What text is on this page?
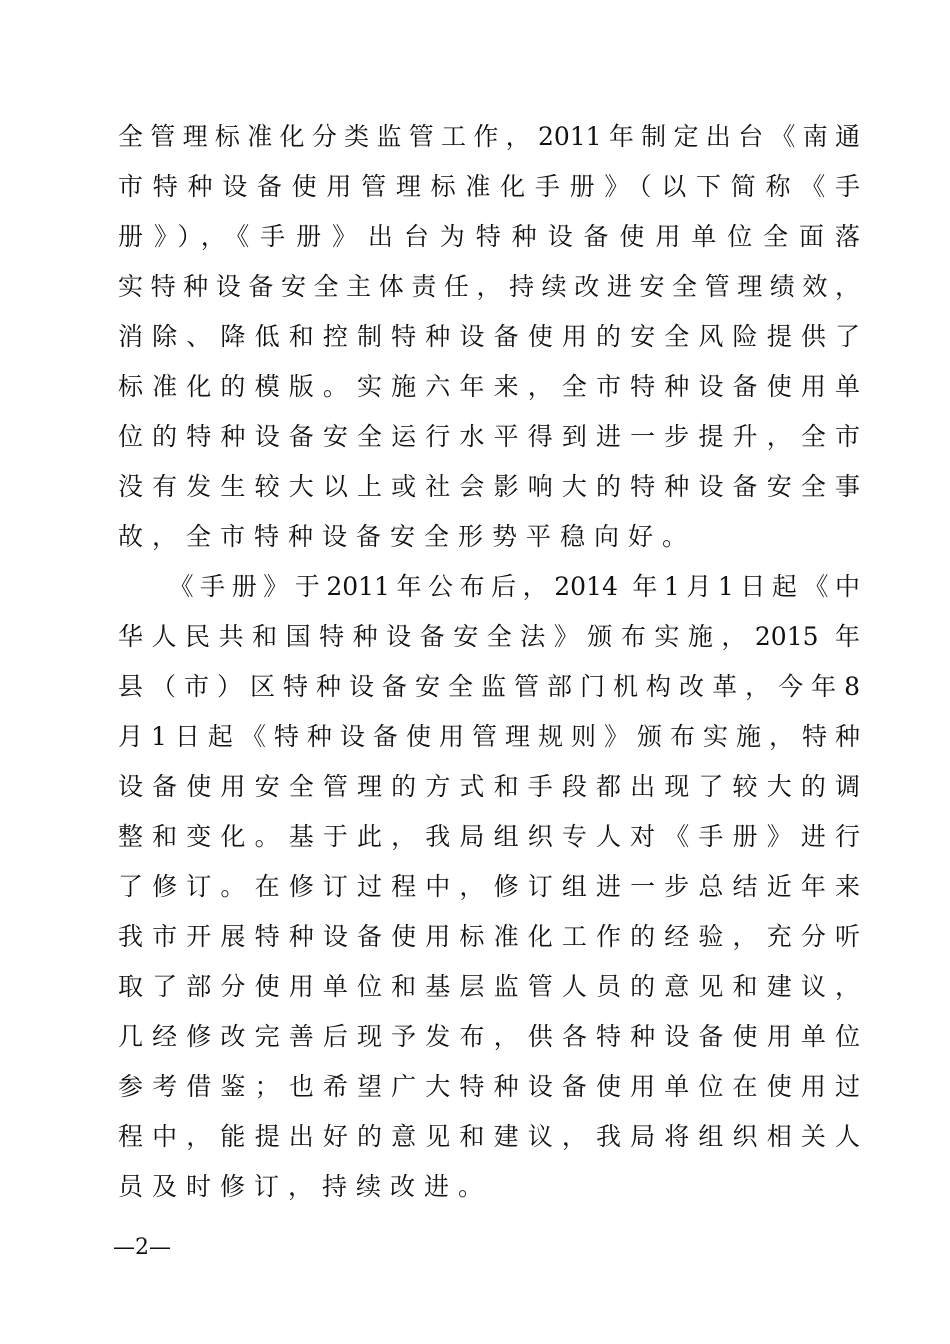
全管理标准化分类监管工作，2011年制定出台《南通
市特种设备使用管理标准化手册》（以下简称《手
册》），《手册》出台为特种设备使用单位全面落
实特种设备安全主体责任，持续改进安全管理绩效，
消除、降低和控制特种设备使用的安全风险提供了
标准化的模版。实施六年来，全市特种设备使用单
位的特种设备安全运行水平得到进一步提升，全市
没有发生较大以上或社会影响大的特种设备安全事
故，全市特种设备安全形势平稳向好。
　　《手册》于2011年公布后，2014 年1月1日起《中
华人民共和国特种设备安全法》颁布实施，2015 年
县（市）区特种设备安全监管部门机构改革，今年8
月1日起《特种设备使用管理规则》颁布实施，特种
设备使用安全管理的方式和手段都出现了较大的调
整和变化。基于此，我局组织专人对《手册》进行
了修订。在修订过程中，修订组进一步总结近年来
我市开展特种设备使用标准化工作的经验，充分听
取了部分使用单位和基层监管人员的意见和建议，
几经修改完善后现予发布，供各特种设备使用单位
参考借鉴；也希望广大特种设备使用单位在使用过
程中，能提出好的意见和建议，我局将组织相关人
员及时修订，持续改进。
—2—
